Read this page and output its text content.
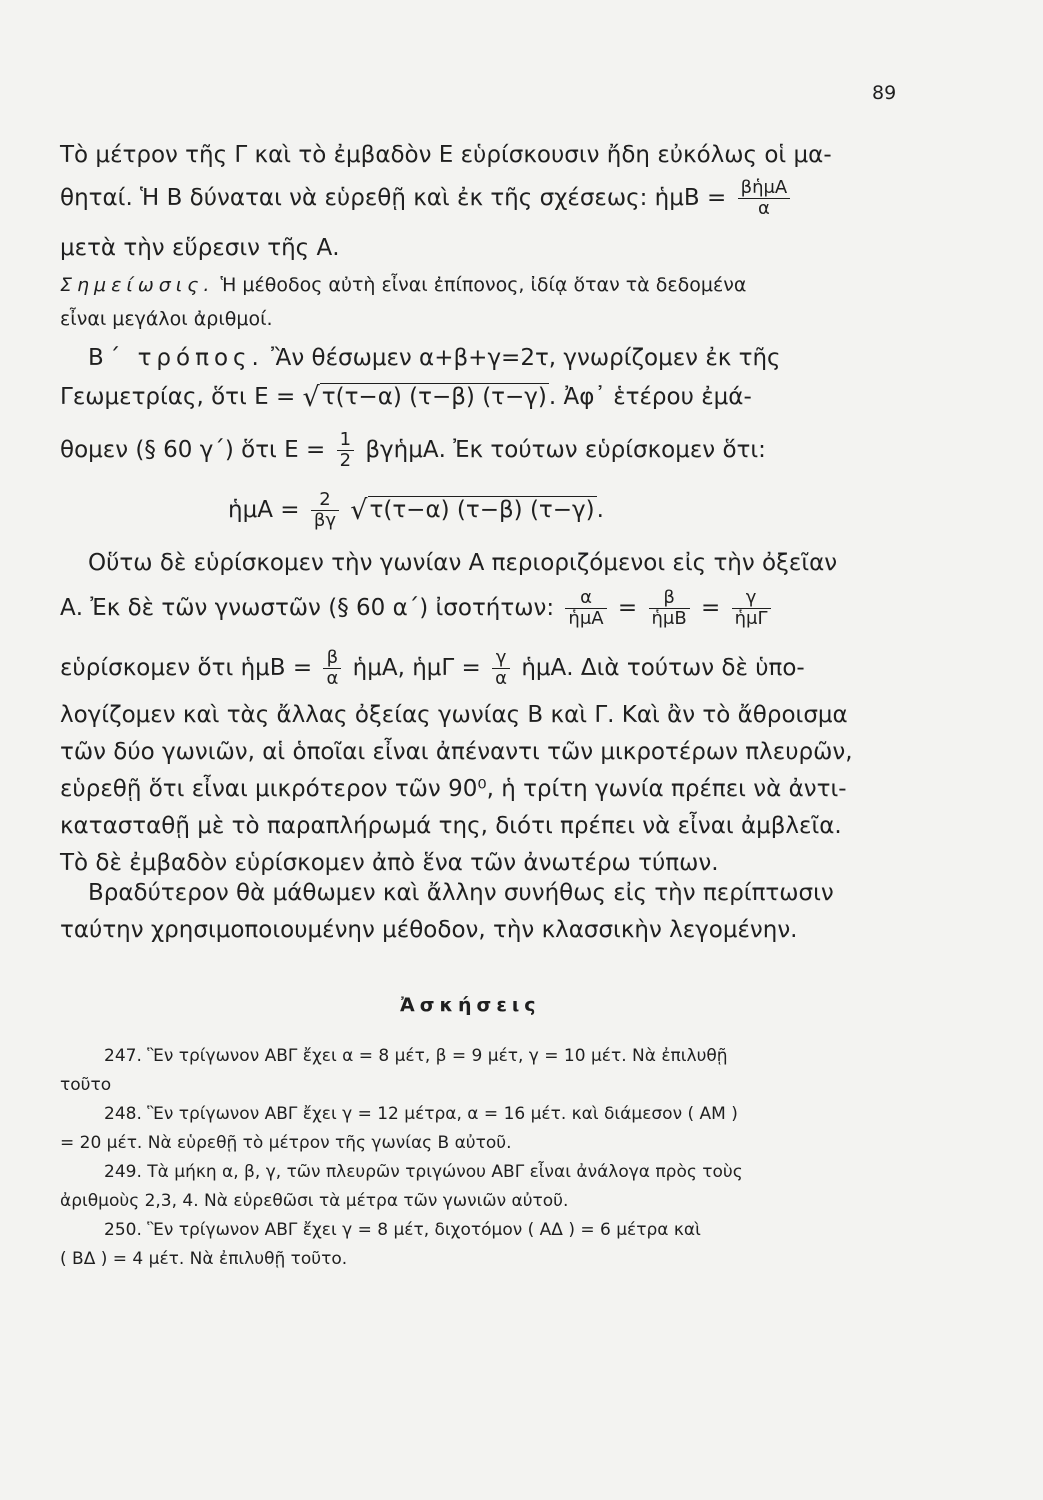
89
Τὸ μέτρον τῆς Γ καὶ τὸ ἐμβαδὸν Ε εὑρίσκουσιν ἤδη εὐκόλως οἱ μα-
θηταί. Ἡ Β δύναται νὰ εὑρεθῇ καὶ ἐκ τῆς σχέσεως: ἡμΒ = $\frac{\text{βἡμΑ}}{\alpha}$
μετὰ τὴν εὕρεσιν τῆς Α.
Σημείωσις. Ἡ μέθοδος αὐτὴ εἶναι ἐπίπονος, ἰδίᾳ ὅταν τὰ δεδομένα
εἶναι μεγάλοι ἀριθμοί.
Β΄ τρόπος. Ἂν θέσωμεν α+β+γ=2τ, γνωρίζομεν ἐκ τῆς
Γεωμετρίας, ὅτι Ε = √τ(τ−α) (τ−β) (τ−γ). Ἀφ᾽ ἑτέρου ἐμά-
θομεν (§ 60 γ΄) ὅτι $E = \frac{1}{2}$ βγἡμΑ. Ἐκ τούτων εὑρίσκομεν ὅτι:
ἡμΑ = $\frac{2}{\beta\gamma} √\tau(\tau-\alpha)$ (τ−β) (τ−γ).
Οὕτω δὲ εὑρίσκομεν τὴν γωνίαν Α περιοριζόμενοι εἰς τὴν ὀξεῖαν
Α. Ἐκ δὲ τῶν γνωστῶν (§ 60 α΄) ἰσοτήτων: $\frac{\alpha}{\text{ἡμΑ}} = \frac{\beta}{\text{ἡμΒ}} = \frac{\gamma}{\text{ἡμΓ}}$
εὑρίσκομεν ὅτι ἡμΒ = $\frac{\beta}{\alpha}$ ἡμΑ, ἡμΓ = $\frac{\gamma}{\alpha}$ ἡμΑ. Διὰ τούτων δὲ ὑπο-
λογίζομεν καὶ τὰς ἄλλας ὀξείας γωνίας Β καὶ Γ. Καὶ ἂν τὸ ἄθροισμα
τῶν δύο γωνιῶν, αἱ ὁποῖαι εἶναι ἀπέναντι τῶν μικροτέρων πλευρῶν,
εὑρεθῇ ὅτι εἶναι μικρότερον τῶν 90⁰, ἡ τρίτη γωνία πρέπει νὰ ἀντι-
κατασταθῇ μὲ τὸ παραπλήρωμά της, διότι πρέπει νὰ εἶναι ἀμβλεῖα.
Τὸ δὲ ἐμβαδὸν εὑρίσκομεν ἀπὸ ἕνα τῶν ἀνωτέρω τύπων.
Βραδύτερον θὰ μάθωμεν καὶ ἄλλην συνήθως εἰς τὴν περίπτωσιν
ταύτην χρησιμοποιουμένην μέθοδον, τὴν κλασσικὴν λεγομένην.
Ἀσκήσεις
247. Ἓν τρίγωνον ΑΒΓ ἔχει α = 8 μέτ, β = 9 μέτ, γ = 10 μέτ. Νὰ ἐπιλυθῇ
τοῦτο
248. Ἓν τρίγωνον ΑΒΓ ἔχει γ = 12 μέτρα, α = 16 μέτ. καὶ διάμεσον ( ΑΜ )
= 20 μέτ. Νὰ εὑρεθῇ τὸ μέτρον τῆς γωνίας Β αὐτοῦ.
249. Τὰ μήκη α, β, γ, τῶν πλευρῶν τριγώνου ΑΒΓ εἶναι ἀνάλογα πρὸς τοὺς
ἀριθμοὺς 2,3, 4. Νὰ εὑρεθῶσι τὰ μέτρα τῶν γωνιῶν αὐτοῦ.
250. Ἓν τρίγωνον ΑΒΓ ἔχει γ = 8 μέτ, διχοτόμον ( ΑΔ ) = 6 μέτρα καὶ
( ΒΔ ) = 4 μέτ. Νὰ ἐπιλυθῇ τοῦτο.
